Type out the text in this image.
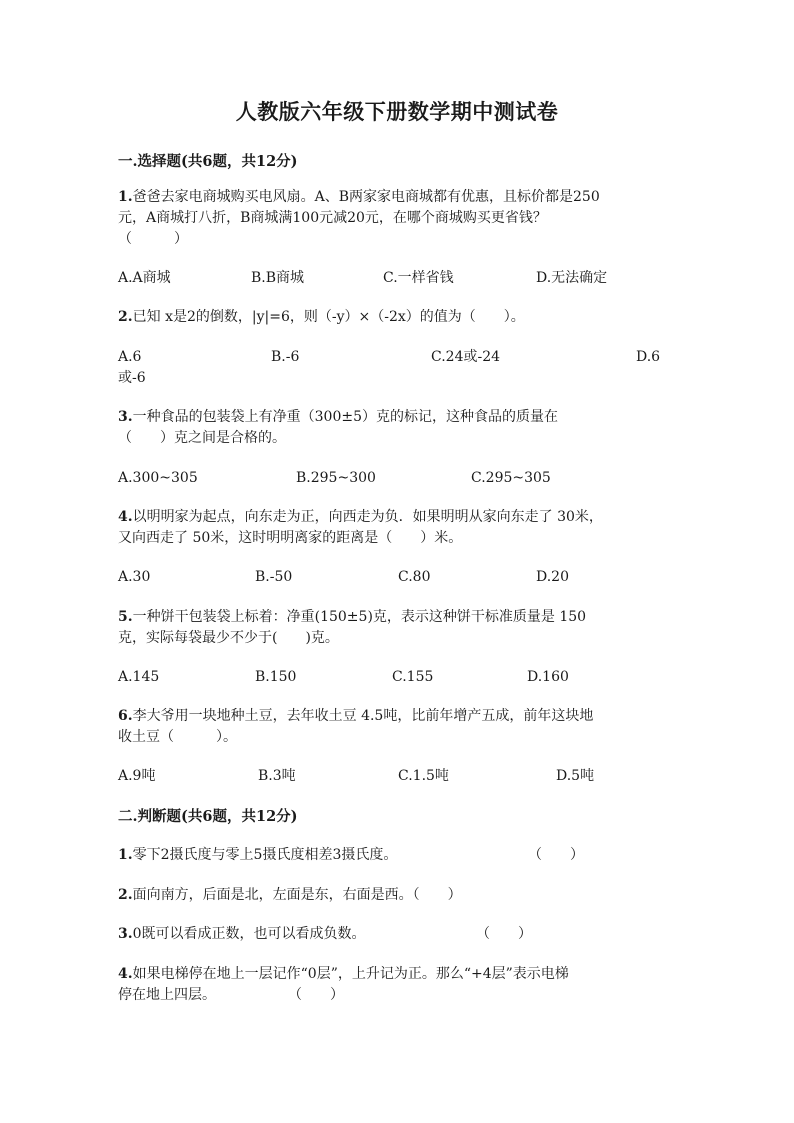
人教版六年级下册数学期中测试卷
一.选择题(共6题，共12分)
1.爸爸去家电商城购买电风扇。A、B两家家电商城都有优惠，且标价都是250
元，A商城打八折，B商城满100元减20元，在哪个商城购买更省钱？
（　　　）
A.A商城	B.B商城	C.一样省钱	D.无法确定
2.已知 x是2的倒数，|y|=6，则（-y）×（-2x）的值为（　　）。
A.6	B.-6	C.24或-24	D.6
或-6
3.一种食品的包装袋上有净重（300±5）克的标记，这种食品的质量在
（　　）克之间是合格的。
A.300~305	B.295~300	C.295~305
4.以明明家为起点，向东走为正，向西走为负．如果明明从家向东走了 30米，
又向西走了 50米，这时明明离家的距离是（　　）米。
A.30	B.-50	C.80	D.20
5.一种饼干包装袋上标着：净重(150±5)克，表示这种饼干标准质量是 150
克，实际每袋最少不少于(　　)克。
A.145	B.150	C.155	D.160
6.李大爷用一块地种土豆，去年收土豆 4.5吨，比前年增产五成，前年这块地
收土豆（　　　）。
A.9吨	B.3吨	C.1.5吨	D.5吨
二.判断题(共6题，共12分)
1.零下2摄氏度与零上5摄氏度相差3摄氏度。	（　　）
2.面向南方，后面是北，左面是东，右面是西。（　　）
3.0既可以看成正数，也可以看成负数。	（　　）
4.如果电梯停在地上一层记作“0层”，上升记为正。那么“+4层”表示电梯
停在地上四层。	（　　）
